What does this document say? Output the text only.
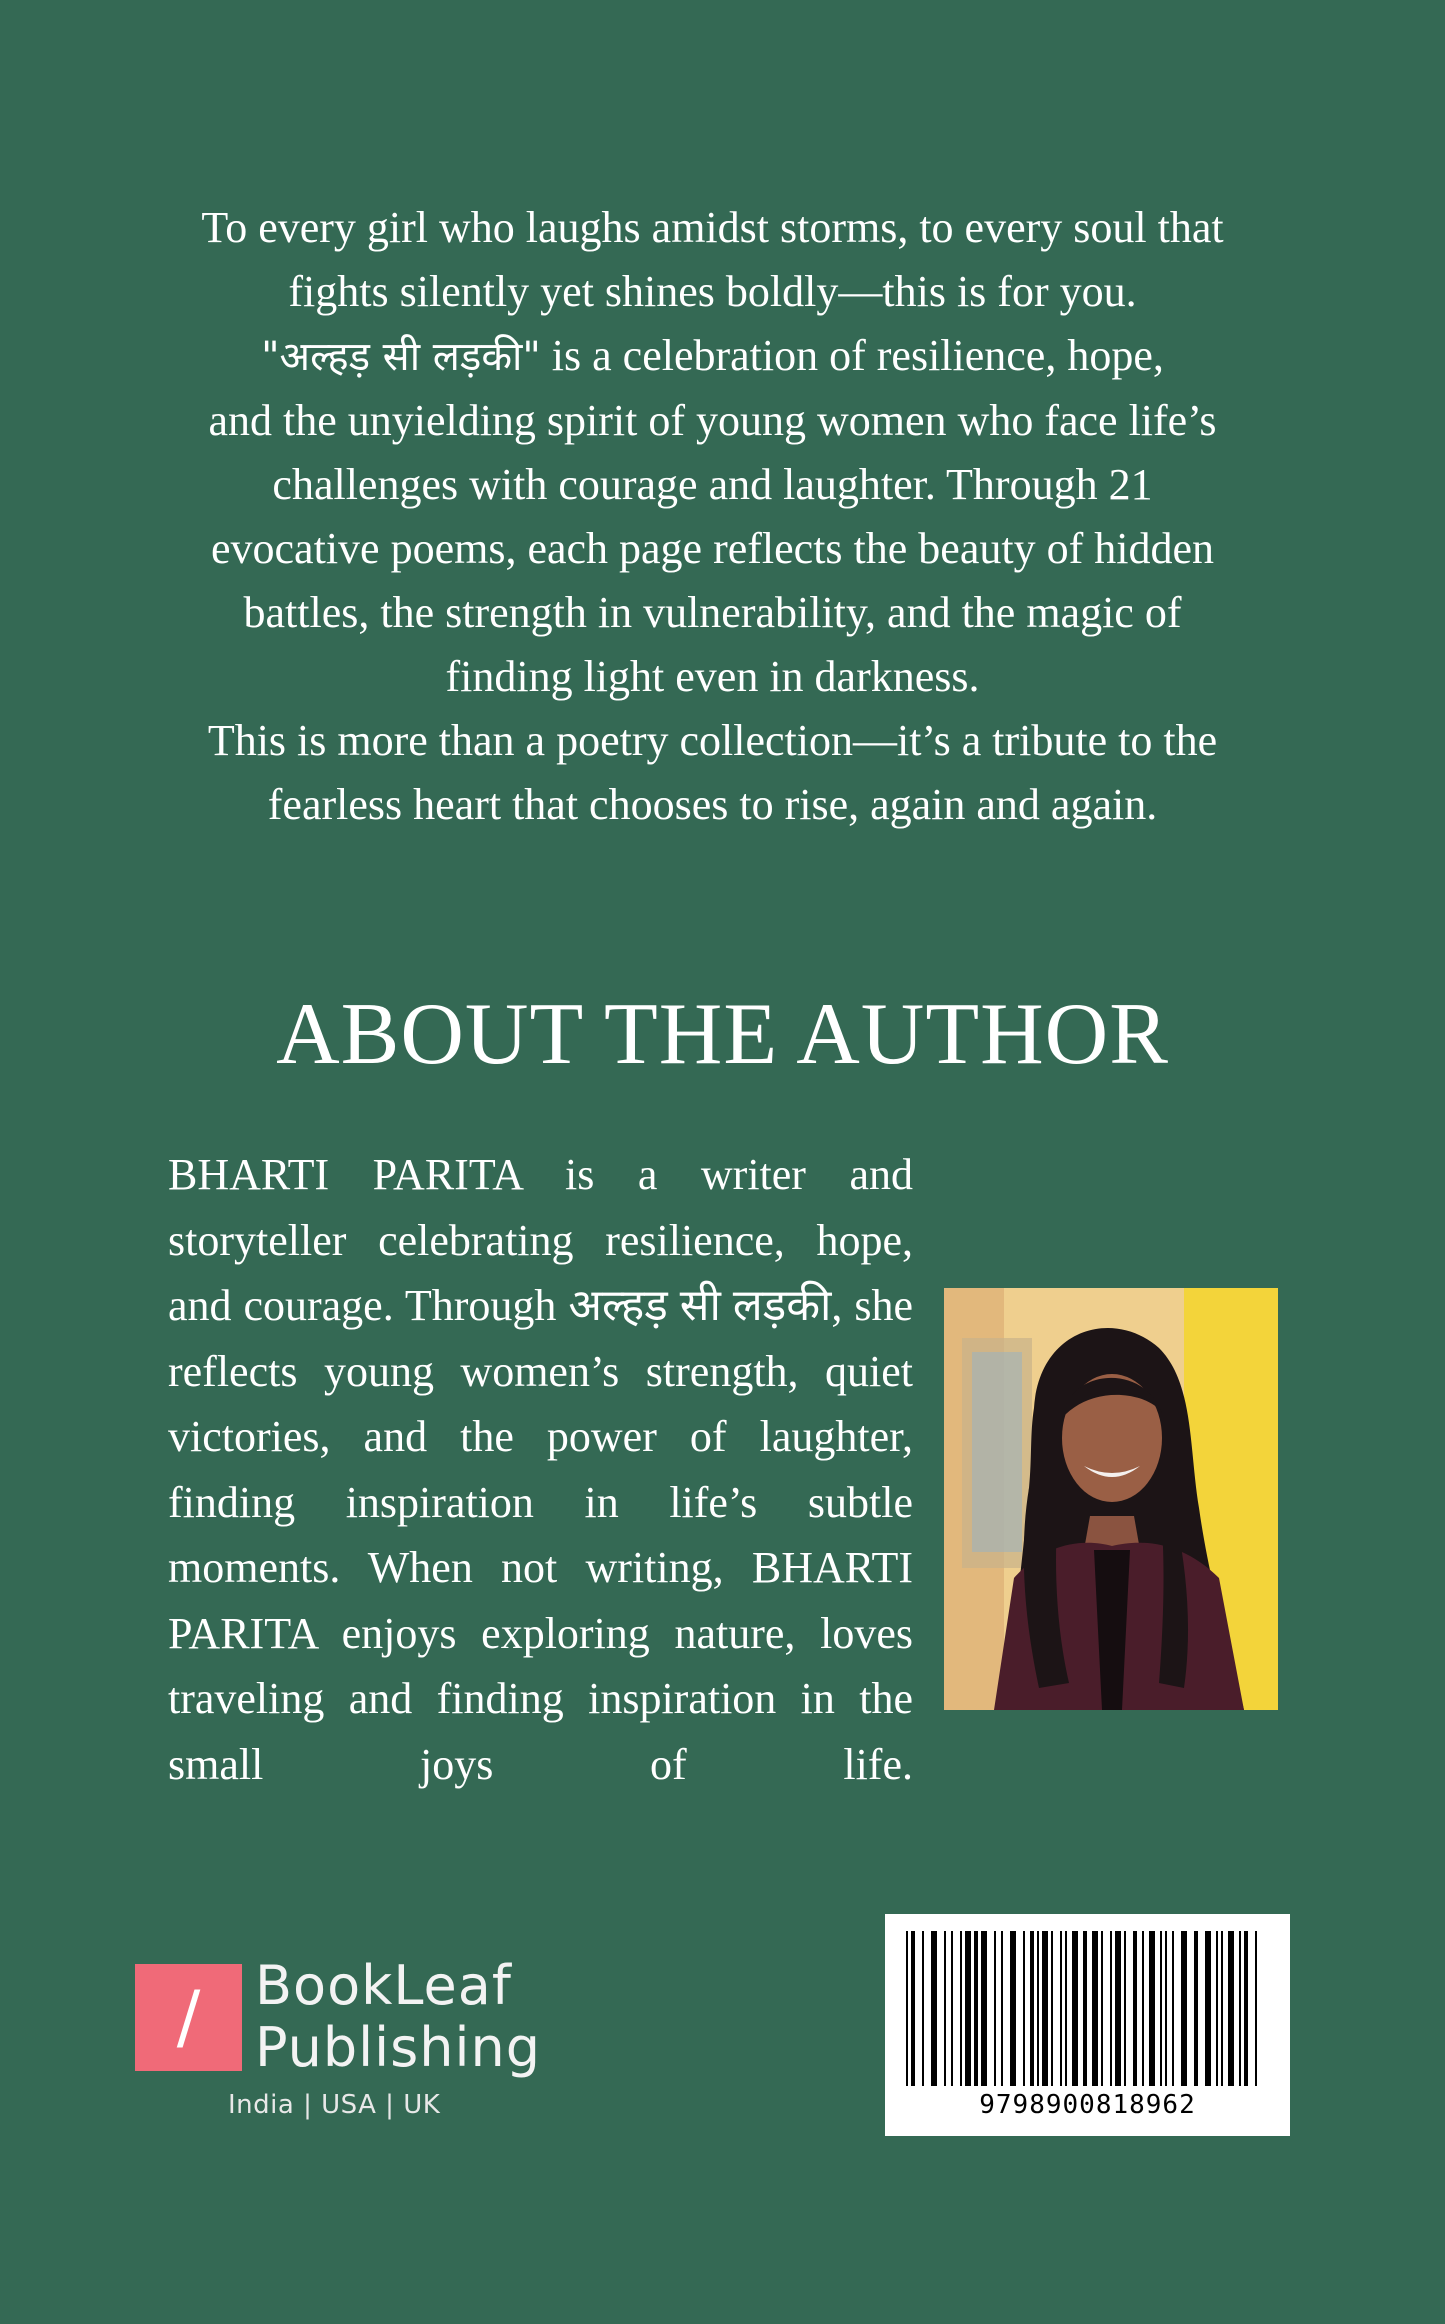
To every girl who laughs amidst storms, to every soul that

fights silently yet shines boldly—this is for you.

"अल्हड़ सी लड़की" is a celebration of resilience, hope,

and the unyielding spirit of young women who face life’s

challenges with courage and laughter. Through 21

evocative poems, each page reflects the beauty of hidden

battles, the strength in vulnerability, and the magic of

finding light even in darkness.

This is more than a poetry collection—it’s a tribute to the

fearless heart that chooses to rise, again and again.

ABOUT THE AUTHOR

BHARTI PARITA is a writer and storyteller celebrating resilience, hope, and courage. Through अल्हड़ सी लड़की, she reflects young women’s strength, quiet victories, and the power of laughter, finding inspiration in life’s subtle moments. When not writing, BHARTI PARITA enjoys exploring nature, loves traveling and finding inspiration in the small joys of life.

/	BookLeaf
Publishing
India | USA | UK	9798900818962
